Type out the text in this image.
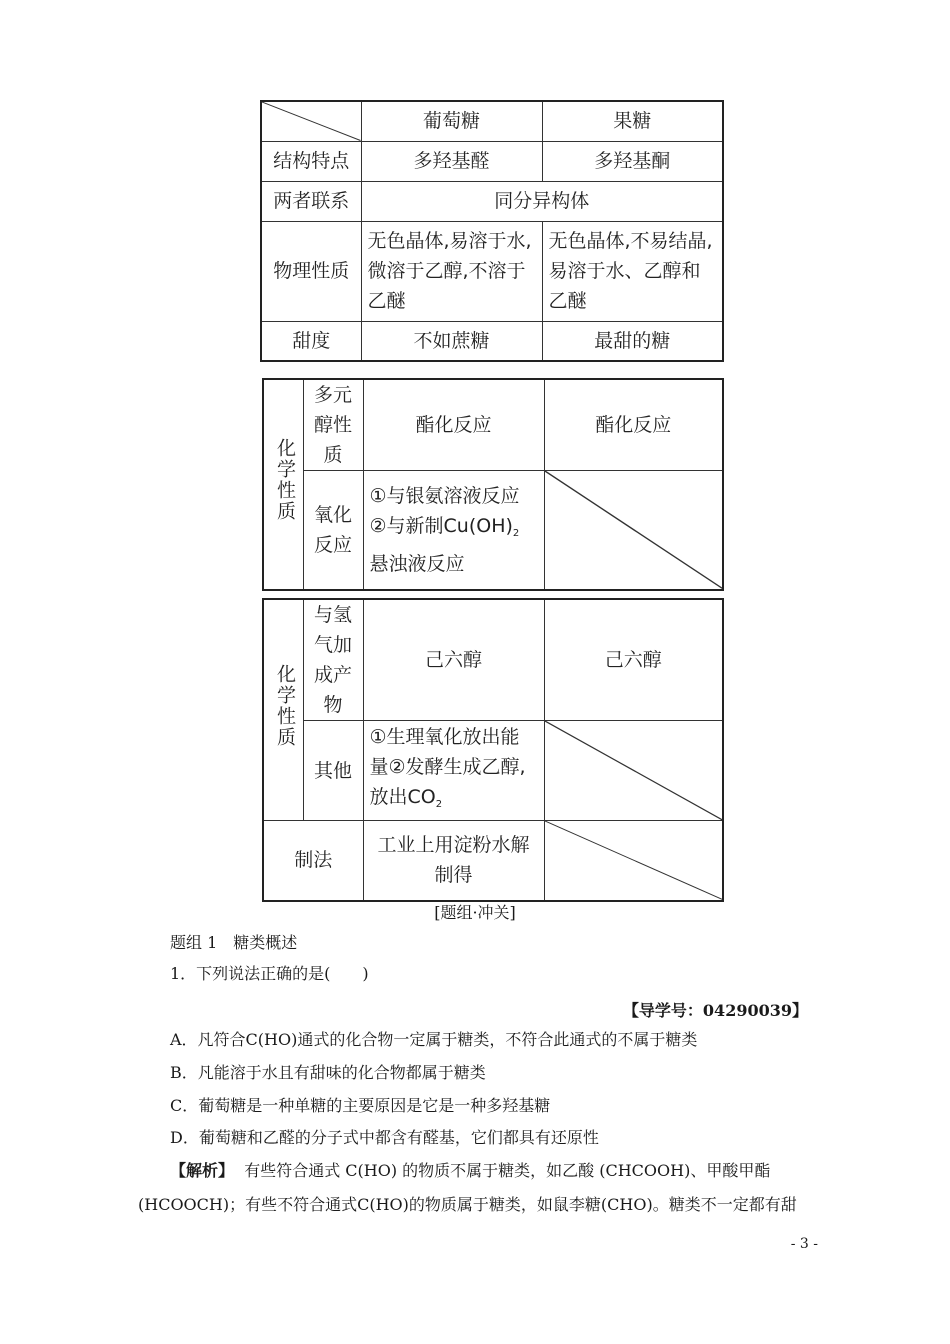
	葡萄糖	果糖
结构特点	多羟基醛	多羟基酮
两者联系	同分异构体	
物理性质	无色晶体,易溶于水,微溶于乙醇,不溶于乙醚	无色晶体,不易结晶,易溶于水、乙醇和乙醚
甜度	不如蔗糖	最甜的糖
化学性质	多元醇性质	酯化反应	酯化反应
	氧化反应	①与银氨溶液反应
②与新制$Cu(OH)_2$
悬浊液反应

化学性质	与氢气加成产物	己六醇	己六醇
	其他	①生理氧化放出能量②发酵生成乙醇,放出$CO_2$	

制法		工业上用淀粉水解制得	
[题组·冲关]
题组 1　糖类概述
1．下列说法正确的是(　　)
【导学号：04290039】
A．凡符合C(HO)通式的化合物一定属于糖类，不符合此通式的不属于糖类
B．凡能溶于水且有甜味的化合物都属于糖类
C．葡萄糖是一种单糖的主要原因是它是一种多羟基糖
D．葡萄糖和乙醛的分子式中都含有醛基，它们都具有还原性
【解析】 有些符合通式 C(HO) 的物质不属于糖类，如乙酸 (CHCOOH)、甲酸甲酯
(HCOOCH)；有些不符合通式C(HO)的物质属于糖类，如鼠李糖(CHO)。糖类不一定都有甜
- 3 -
